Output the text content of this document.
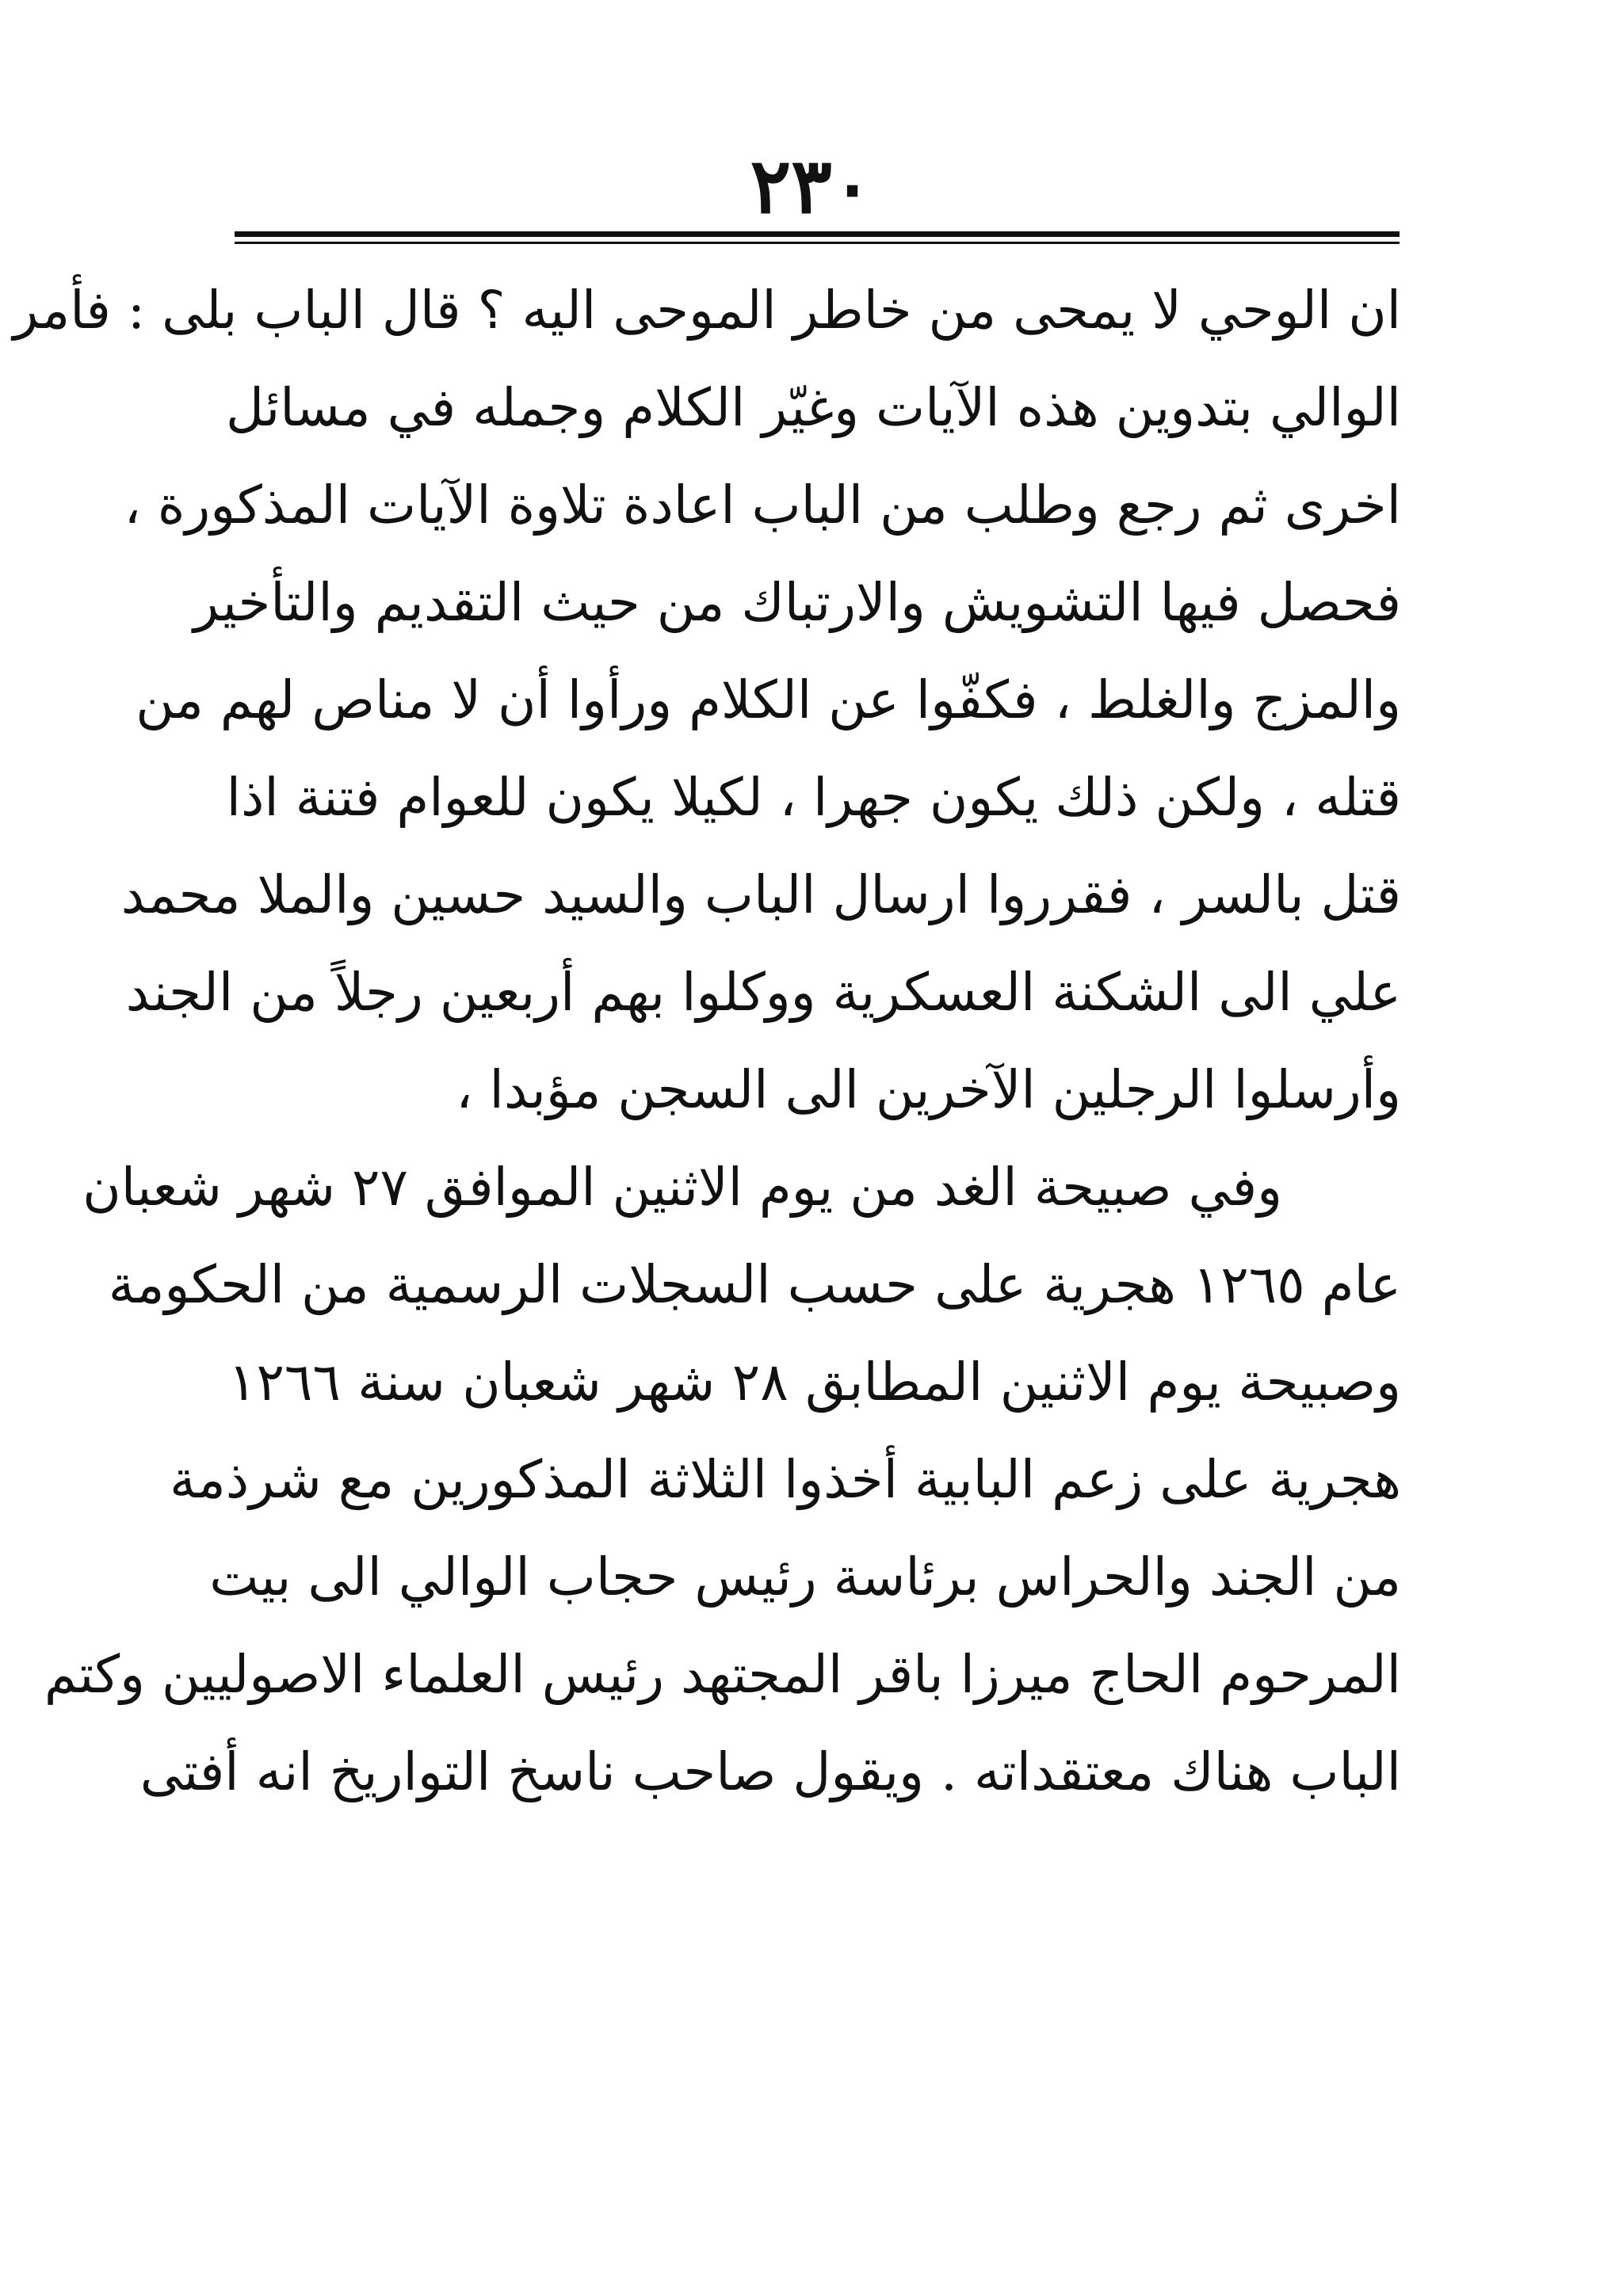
٢٣٠
ان الوحي لا يمحى من خاطر الموحى اليه ؟ قال الباب بلى : فأمر
الوالي بتدوين هذه الآيات وغيّر الكلام وجمله في مسائل
اخرى ثم رجع وطلب من الباب اعادة تلاوة الآيات المذكورة ،
فحصل فيها التشويش والارتباك من حيث التقديم والتأخير
والمزج والغلط ، فكفّوا عن الكلام ورأوا أن لا مناص لهم من
قتله ، ولكن ذلك يكون جهرا ، لكيلا يكون للعوام فتنة اذا
قتل بالسر ، فقرروا ارسال الباب والسيد حسين والملا محمد
علي الى الشكنة العسكرية ووكلوا بهم أربعين رجلاً من الجند
وأرسلوا الرجلين الآخرين الى السجن مؤبدا ،
وفي صبيحة الغد من يوم الاثنين الموافق ٢٧ شهر شعبان
عام ١٢٦٥ هجرية على حسب السجلات الرسمية من الحكومة
وصبيحة يوم الاثنين المطابق ٢٨ شهر شعبان سنة ١٢٦٦
هجرية على زعم البابية أخذوا الثلاثة المذكورين مع شرذمة
من الجند والحراس برئاسة رئيس حجاب الوالي الى بيت
المرحوم الحاج ميرزا باقر المجتهد رئيس العلماء الاصوليين وكتم
الباب هناك معتقداته . ويقول صاحب ناسخ التواريخ انه أفتى
